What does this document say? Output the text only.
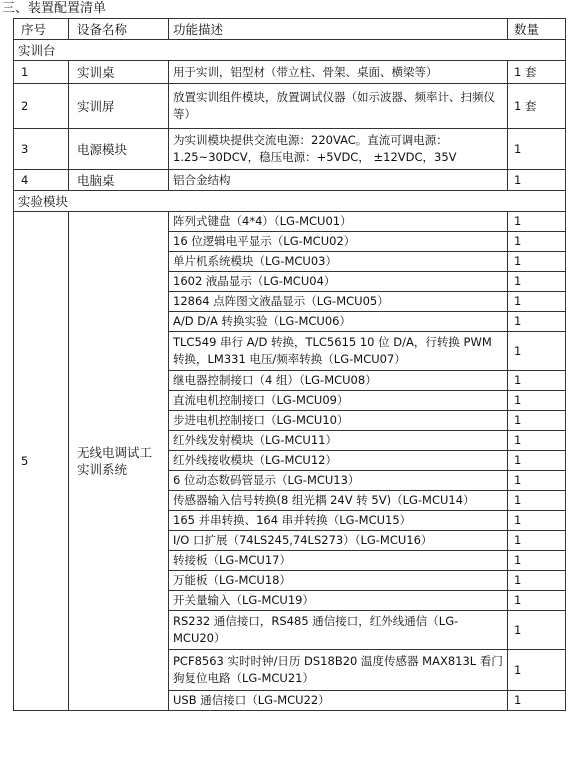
三、装置配置清单
序号	设备名称	功能描述	数量
实训台			
1	实训桌	用于实训，铝型材（带立柱、骨架、桌面、横梁等）	1 套
2	实训屏	放置实训组件模块，放置调试仪器（如示波器、频率计、扫频仪等）	1 套
3	电源模块	为实训模块提供交流电源：220VAC。直流可调电源：1.25~30DCV，稳压电源：+5VDC， ±12VDC，35V	1
4	电脑桌	铝合金结构	1
实验模块			
5	无线电调试工实训系统	阵列式键盘（4*4）（LG-MCU01）	1
		16 位逻辑电平显示（LG-MCU02）	1
		单片机系统模块（LG-MCU03）	1
		1602 液晶显示（LG-MCU04）	1
		12864 点阵图文液晶显示（LG-MCU05）	1
		A/D D/A 转换实验（LG-MCU06）	1
		TLC549 串行 A/D 转换，TLC5615 10 位 D/A，行转换 PWM 转换，LM331 电压/频率转换（LG-MCU07）	1
		继电器控制接口（4 组）（LG-MCU08）	1
		直流电机控制接口（LG-MCU09）	1
		步进电机控制接口（LG-MCU10）	1
		红外线发射模块（LG-MCU11）	1
		红外线接收模块（LG-MCU12）	1
		6 位动态数码管显示（LG-MCU13）	1
		传感器输入信号转换(8 组光耦 24V 转 5V)（LG-MCU14）	1
		165 并串转换、164 串并转换（LG-MCU15）	1
		I/O 口扩展（74LS245,74LS273）（LG-MCU16）	1
		转接板（LG-MCU17）	1
		万能板（LG-MCU18）	1
		开关量输入（LG-MCU19）	1
		RS232 通信接口，RS485 通信接口，红外线通信（LG-MCU20）	1
		PCF8563 实时时钟/日历 DS18B20 温度传感器 MAX813L 看门狗复位电路（LG-MCU21）	1
		USB 通信接口（LG-MCU22）	1
